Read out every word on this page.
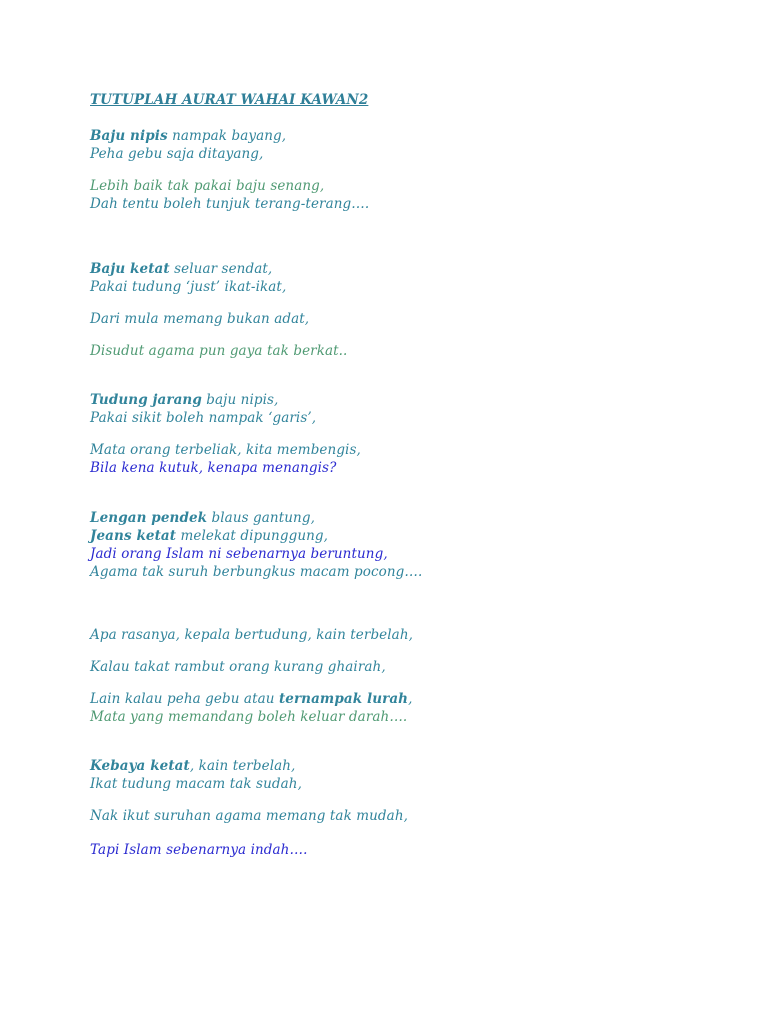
TUTUPLAH AURAT WAHAI KAWAN2
Baju nipis nampak bayang,
Peha gebu saja ditayang,
Lebih baik tak pakai baju senang,
Dah tentu boleh tunjuk terang-terang….
Baju ketat seluar sendat,
Pakai tudung ‘just’ ikat-ikat,
Dari mula memang bukan adat,
Disudut agama pun gaya tak berkat..
Tudung jarang baju nipis,
Pakai sikit boleh nampak ‘garis’,
Mata orang terbeliak, kita membengis,
Bila kena kutuk, kenapa menangis?
Lengan pendek blaus gantung,
Jeans ketat melekat dipunggung,
Jadi orang Islam ni sebenarnya beruntung,
Agama tak suruh berbungkus macam pocong….
Apa rasanya, kepala bertudung, kain terbelah,
Kalau takat rambut orang kurang ghairah,
Lain kalau peha gebu atau ternampak lurah,
Mata yang memandang boleh keluar darah….
Kebaya ketat, kain terbelah,
Ikat tudung macam tak sudah,
Nak ikut suruhan agama memang tak mudah,
Tapi Islam sebenarnya indah….
